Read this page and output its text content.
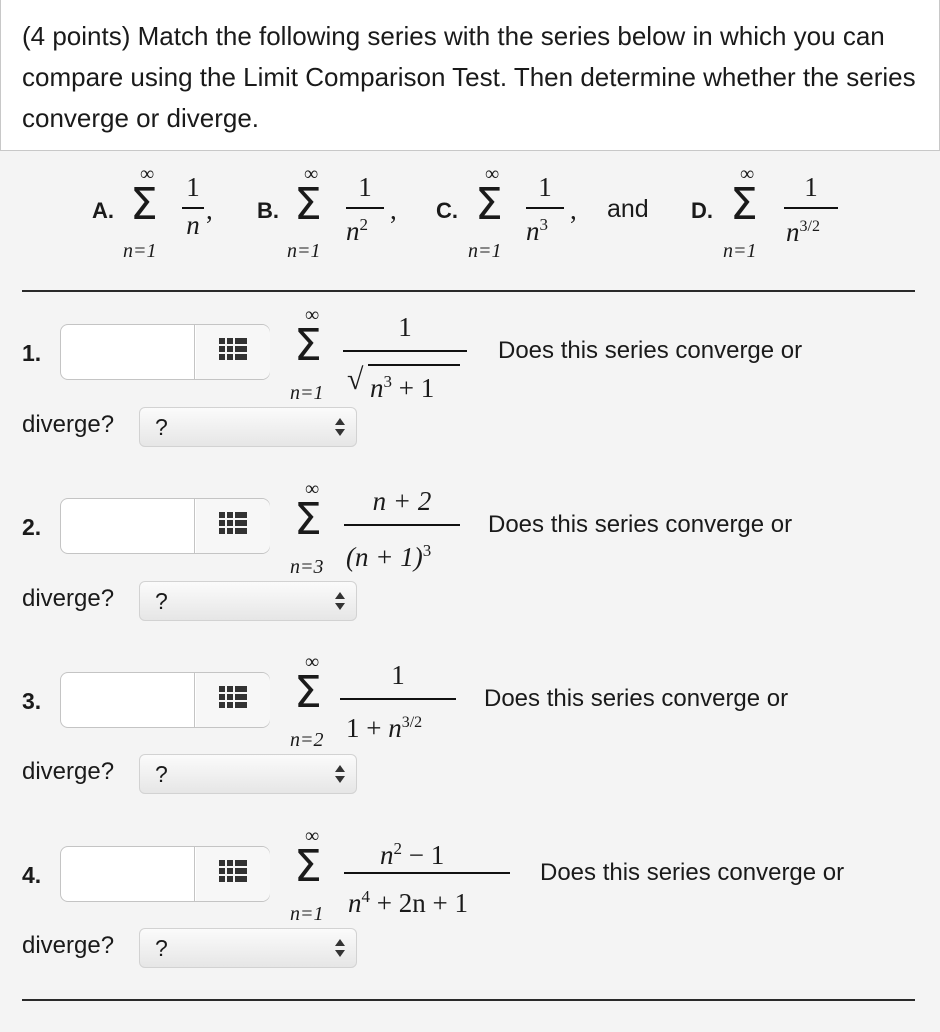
(4 points) Match the following series with the series below in which you can compare using the Limit Comparison Test. Then determine whether the series converge or diverge.
A.
∞
Σ
n=1
1
n , B.
∞
Σ
n=1
1
$n^2$ , C.
∞
Σ
n=1
1
$n^3$ , and D.
∞
Σ
n=1
1
$n^{3/2}$
1.
∞
Σ
n=1
1
√ $n^3 + 1$
Does this series converge or
diverge? ?
2.
∞
Σ
n=3
n + 2
$(n + 1)^3$
Does this series converge or
diverge? ?
3.
∞
Σ
n=2
1
$1 + n^{3/2}$
Does this series converge or
diverge? ?
4.
∞
Σ
n=1
$n^2 - 1$
$n^4 + 2n + 1$
Does this series converge or
diverge? ?
